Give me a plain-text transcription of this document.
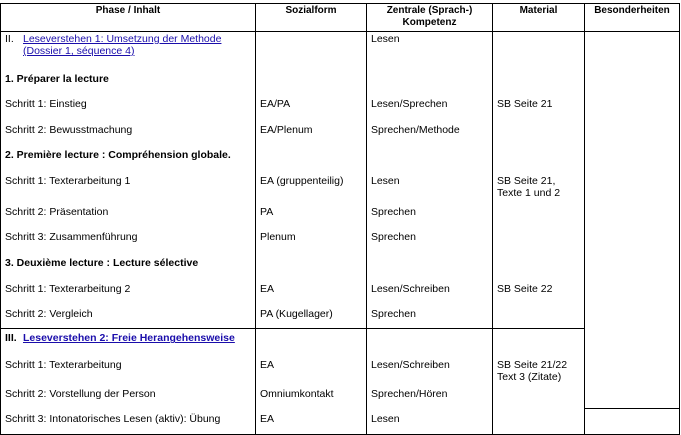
Phase / Inhalt	Sozialform	Zentrale (Sprach-) Kompetenz	Material	Besonderheiten
II. Leseverstehen 1: Umsetzung der Methode

(Dossier 1, séquence 4)		Lesen		
1. Préparer la lecture				
Schritt 1: Einstieg	EA/PA	Lesen/Sprechen	SB Seite 21	
Schritt 2: Bewusstmachung	EA/Plenum	Sprechen/Methode		
2. Première lecture : Compréhension globale.				
Schritt 1: Texterarbeitung 1	EA (gruppenteilig)	Lesen	SB Seite 21,
Texte 1 und 2	
Schritt 2: Präsentation	PA	Sprechen		
Schritt 3: Zusammenführung	Plenum	Sprechen		
3. Deuxième lecture : Lecture sélective				
Schritt 1: Texterarbeitung 2	EA	Lesen/Schreiben	SB Seite 22	
Schritt 2: Vergleich	PA (Kugellager)	Sprechen		
III. Leseverstehen 2: Freie Herangehensweise				
Schritt 1: Texterarbeitung	EA	Lesen/Schreiben	SB Seite 21/22
Text 3 (Zitate)	
Schritt 2: Vorstellung der Person	Omniumkontakt	Sprechen/Hören		
Schritt 3: Intonatorisches Lesen (aktiv): Übung	EA	Lesen		
